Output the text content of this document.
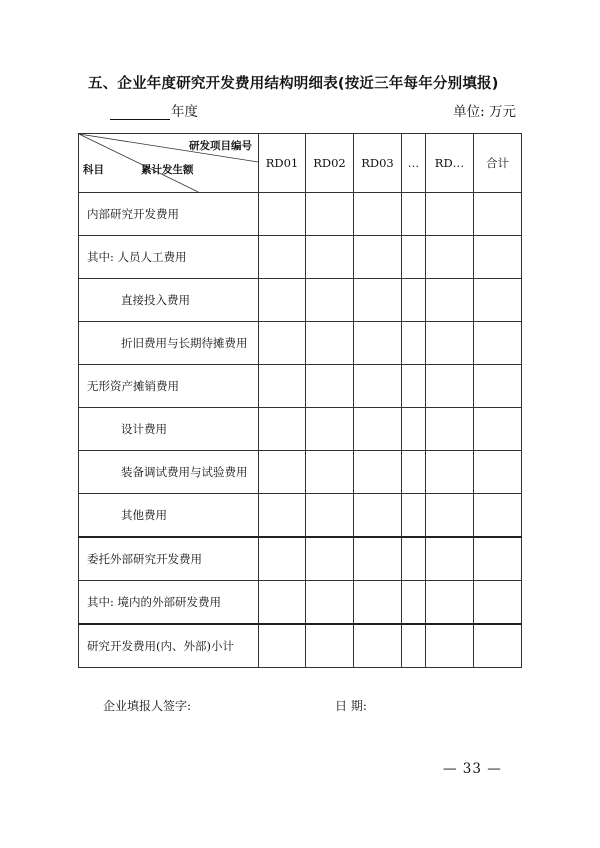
五、企业年度研究开发费用结构明细表(按近三年每年分别填报)
年度	单位: 万元
研发项目编号
累计发生额
科目	RD01	RD02	RD03	…	RD…	合计
内部研究开发费用						
其中: 人员人工费用						
直接投入费用						
折旧费用与长期待摊费用						
无形资产摊销费用						
设计费用						
装备调试费用与试验费用						
其他费用						
委托外部研究开发费用						
其中: 境内的外部研发费用						
研究开发费用(内、外部)小计						
企业填报人签字:	日 期:
— 33 —
